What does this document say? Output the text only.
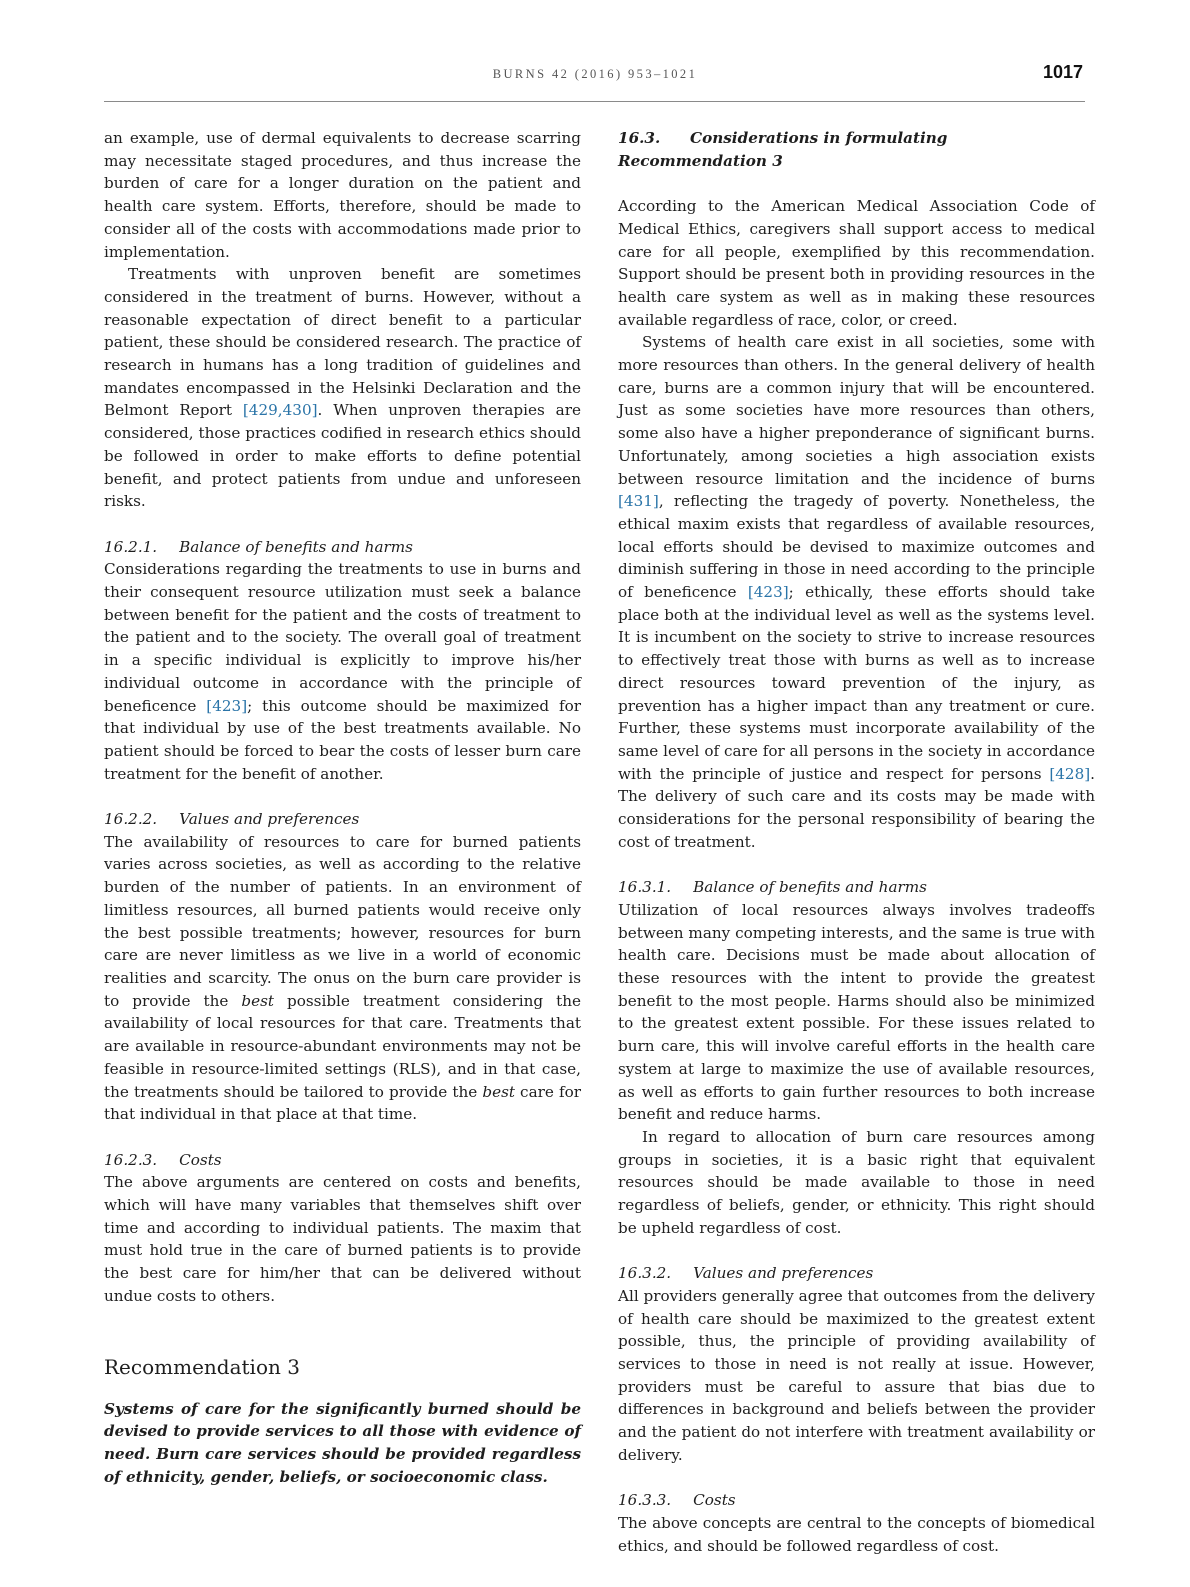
BURNS 42 (2016) 953–1021	1017

an example, use of dermal equivalents to decrease scarring may necessitate staged procedures, and thus increase the burden of care for a longer duration on the patient and health care system. Efforts, therefore, should be made to consider all of the costs with accommodations made prior to implementation.

Treatments with unproven benefit are sometimes considered in the treatment of burns. However, without a reasonable expectation of direct benefit to a particular patient, these should be considered research. The practice of research in humans has a long tradition of guidelines and mandates encompassed in the Helsinki Declaration and the Belmont Report [429,430]. When unproven therapies are considered, those practices codified in research ethics should be followed in order to make efforts to define potential benefit, and protect patients from undue and unforeseen risks.

16.2.1. Balance of benefits and harms

Considerations regarding the treatments to use in burns and their consequent resource utilization must seek a balance between benefit for the patient and the costs of treatment to the patient and to the society. The overall goal of treatment in a specific individual is explicitly to improve his/her individual outcome in accordance with the principle of beneficence [423]; this outcome should be maximized for that individual by use of the best treatments available. No patient should be forced to bear the costs of lesser burn care treatment for the benefit of another.

16.2.2. Values and preferences

The availability of resources to care for burned patients varies across societies, as well as according to the relative burden of the number of patients. In an environment of limitless resources, all burned patients would receive only the best possible treatments; however, resources for burn care are never limitless as we live in a world of economic realities and scarcity. The onus on the burn care provider is to provide the best possible treatment considering the availability of local resources for that care. Treatments that are available in resource-abundant environments may not be feasible in resource-limited settings (RLS), and in that case, the treatments should be tailored to provide the best care for that individual in that place at that time.

16.2.3. Costs

The above arguments are centered on costs and benefits, which will have many variables that themselves shift over time and according to individual patients. The maxim that must hold true in the care of burned patients is to provide the best care for him/her that can be delivered without undue costs to others.

Recommendation 3

Systems of care for the significantly burned should be devised to provide services to all those with evidence of need. Burn care services should be provided regardless of ethnicity, gender, beliefs, or socioeconomic class.

16.3. Considerations in formulating Recommendation 3

According to the American Medical Association Code of Medical Ethics, caregivers shall support access to medical care for all people, exemplified by this recommendation. Support should be present both in providing resources in the health care system as well as in making these resources available regardless of race, color, or creed.

Systems of health care exist in all societies, some with more resources than others. In the general delivery of health care, burns are a common injury that will be encountered. Just as some societies have more resources than others, some also have a higher preponderance of significant burns. Unfortunately, among societies a high association exists between resource limitation and the incidence of burns [431], reflecting the tragedy of poverty. Nonetheless, the ethical maxim exists that regardless of available resources, local efforts should be devised to maximize outcomes and diminish suffering in those in need according to the principle of beneficence [423]; ethically, these efforts should take place both at the individual level as well as the systems level. It is incumbent on the society to strive to increase resources to effectively treat those with burns as well as to increase direct resources toward prevention of the injury, as prevention has a higher impact than any treatment or cure. Further, these systems must incorporate availability of the same level of care for all persons in the society in accordance with the principle of justice and respect for persons [428]. The delivery of such care and its costs may be made with considerations for the personal responsibility of bearing the cost of treatment.

16.3.1. Balance of benefits and harms

Utilization of local resources always involves tradeoffs between many competing interests, and the same is true with health care. Decisions must be made about allocation of these resources with the intent to provide the greatest benefit to the most people. Harms should also be minimized to the greatest extent possible. For these issues related to burn care, this will involve careful efforts in the health care system at large to maximize the use of available resources, as well as efforts to gain further resources to both increase benefit and reduce harms.

In regard to allocation of burn care resources among groups in societies, it is a basic right that equivalent resources should be made available to those in need regardless of beliefs, gender, or ethnicity. This right should be upheld regardless of cost.

16.3.2. Values and preferences

All providers generally agree that outcomes from the delivery of health care should be maximized to the greatest extent possible, thus, the principle of providing availability of services to those in need is not really at issue. However, providers must be careful to assure that bias due to differences in background and beliefs between the provider and the patient do not interfere with treatment availability or delivery.

16.3.3. Costs

The above concepts are central to the concepts of biomedical ethics, and should be followed regardless of cost.
